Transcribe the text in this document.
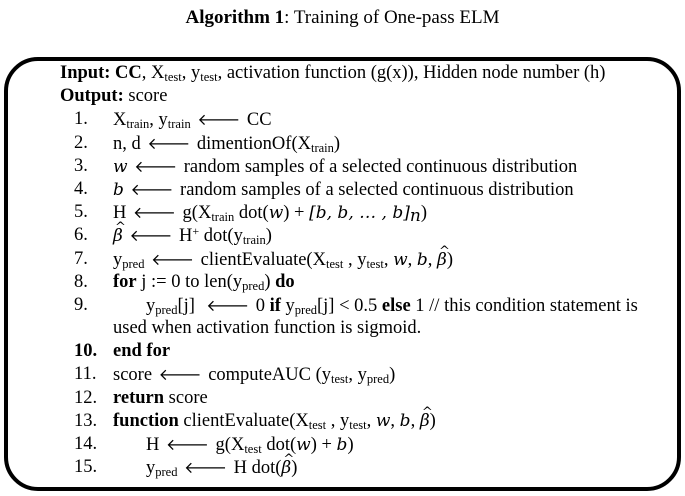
Algorithm 1: Training of One-pass ELM
Input: CC, $X_{test}$, $y_{test}$, activation function (g(x)), Hidden node number (h)
Output: score
1. $X_{train}$, $y_{train}$ 🡐 CC
2. n, d 🡐 $dimentionOf(X_{train})$
3. w 🡐 random samples of a selected continuous distribution
4. b 🡐 random samples of a selected continuous distribution
5. H 🡐 $g(X_{train}$ dot(w) + [b, b, … , $b]_n$)
6. ^ β 🡐 H+ $dot(y_{train})$
7. $y_{pred}$ 🡐 $clientEvaluate(X_{test}$ , $y_{test}$, w, b, ^ β)
8. for j := 0 to $len(y_{pred})$ do
9.	$y_{pred}[j]$ 🡐 0 if $y_{pred}[j] < 0.5$ else 1 // this condition statement is
used when activation function is sigmoid.
10. end for
11. score 🡐 computeAUC ($y_{test}$, $y_{pred}$)
12. return score
13. function $clientEvaluate(X_{test}$ , $y_{test}$, w, b, ^ β)
14.	H 🡐 $g(X_{test}$ dot(w) + b)
15.	$y_{pred}$ 🡐 H dot(^ β)
